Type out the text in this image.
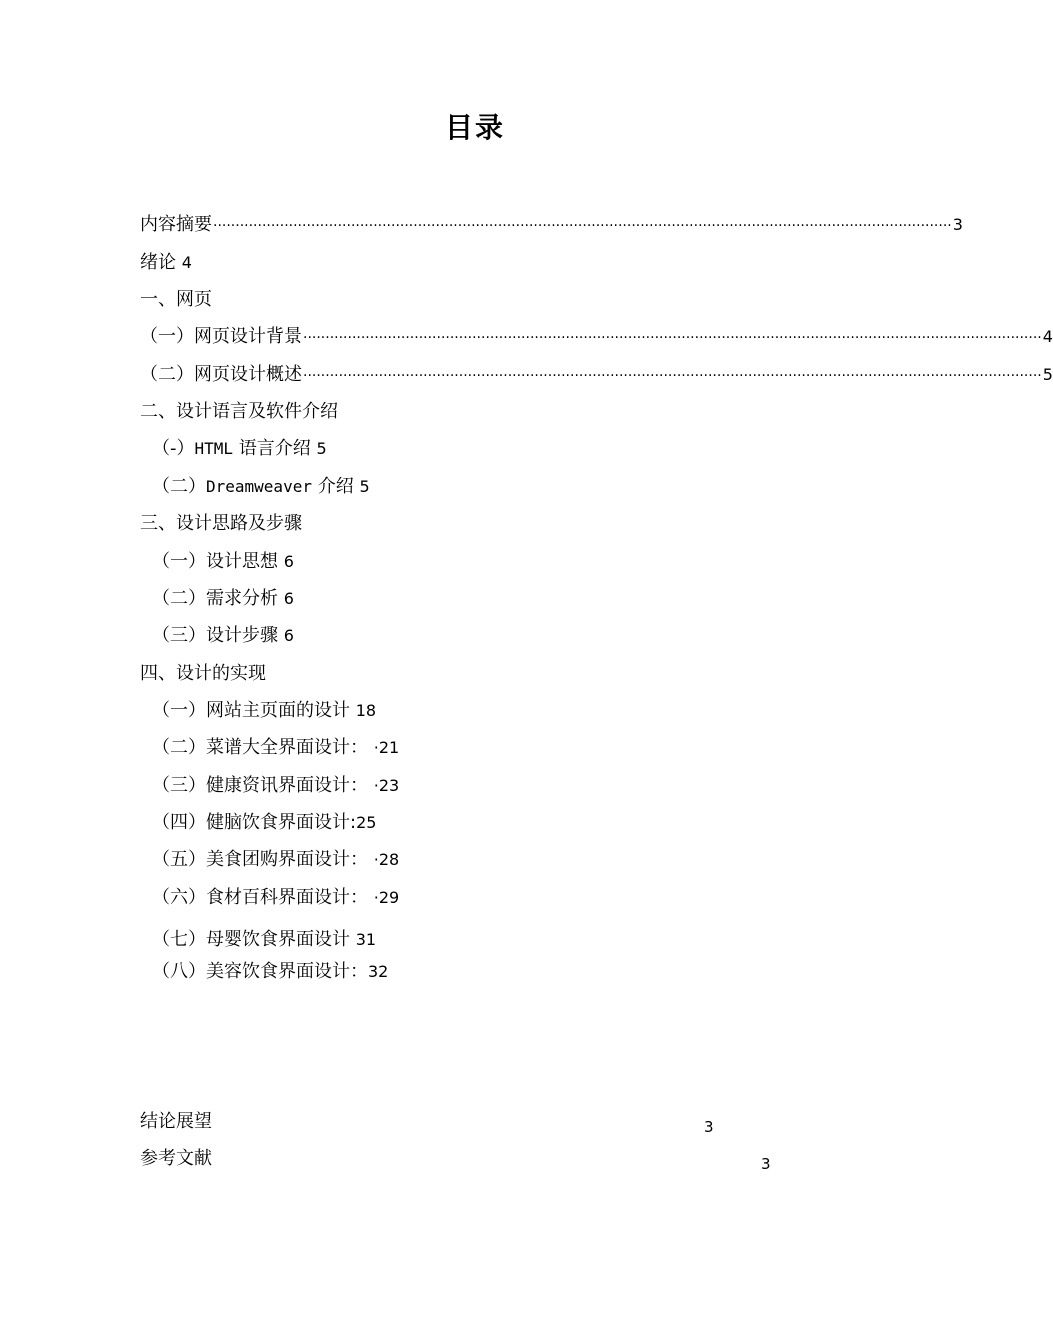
目录
内容摘要 ······································································································································································ 3
绪论 4
一、网页
（一）网页设计背景 ······································································································································································ 4
（二）网页设计概述 ······································································································································································ 5
二、设计语言及软件介绍
（-）HTML 语言介绍 5
（二）Dreamweaver 介绍 5
三、设计思路及步骤
（一）设计思想 6
（二）需求分析 6
（三）设计步骤 6
四、设计的实现
（一）网站主页面的设计 18
（二）菜谱大全界面设计： ·21
（三）健康资讯界面设计： ·23
（四）健脑饮食界面设计:25
（五）美食团购界面设计： ·28
（六）食材百科界面设计： ·29
（七）母婴饮食界面设计 31
（八）美容饮食界面设计：32
结论展望	3
参考文献	3
